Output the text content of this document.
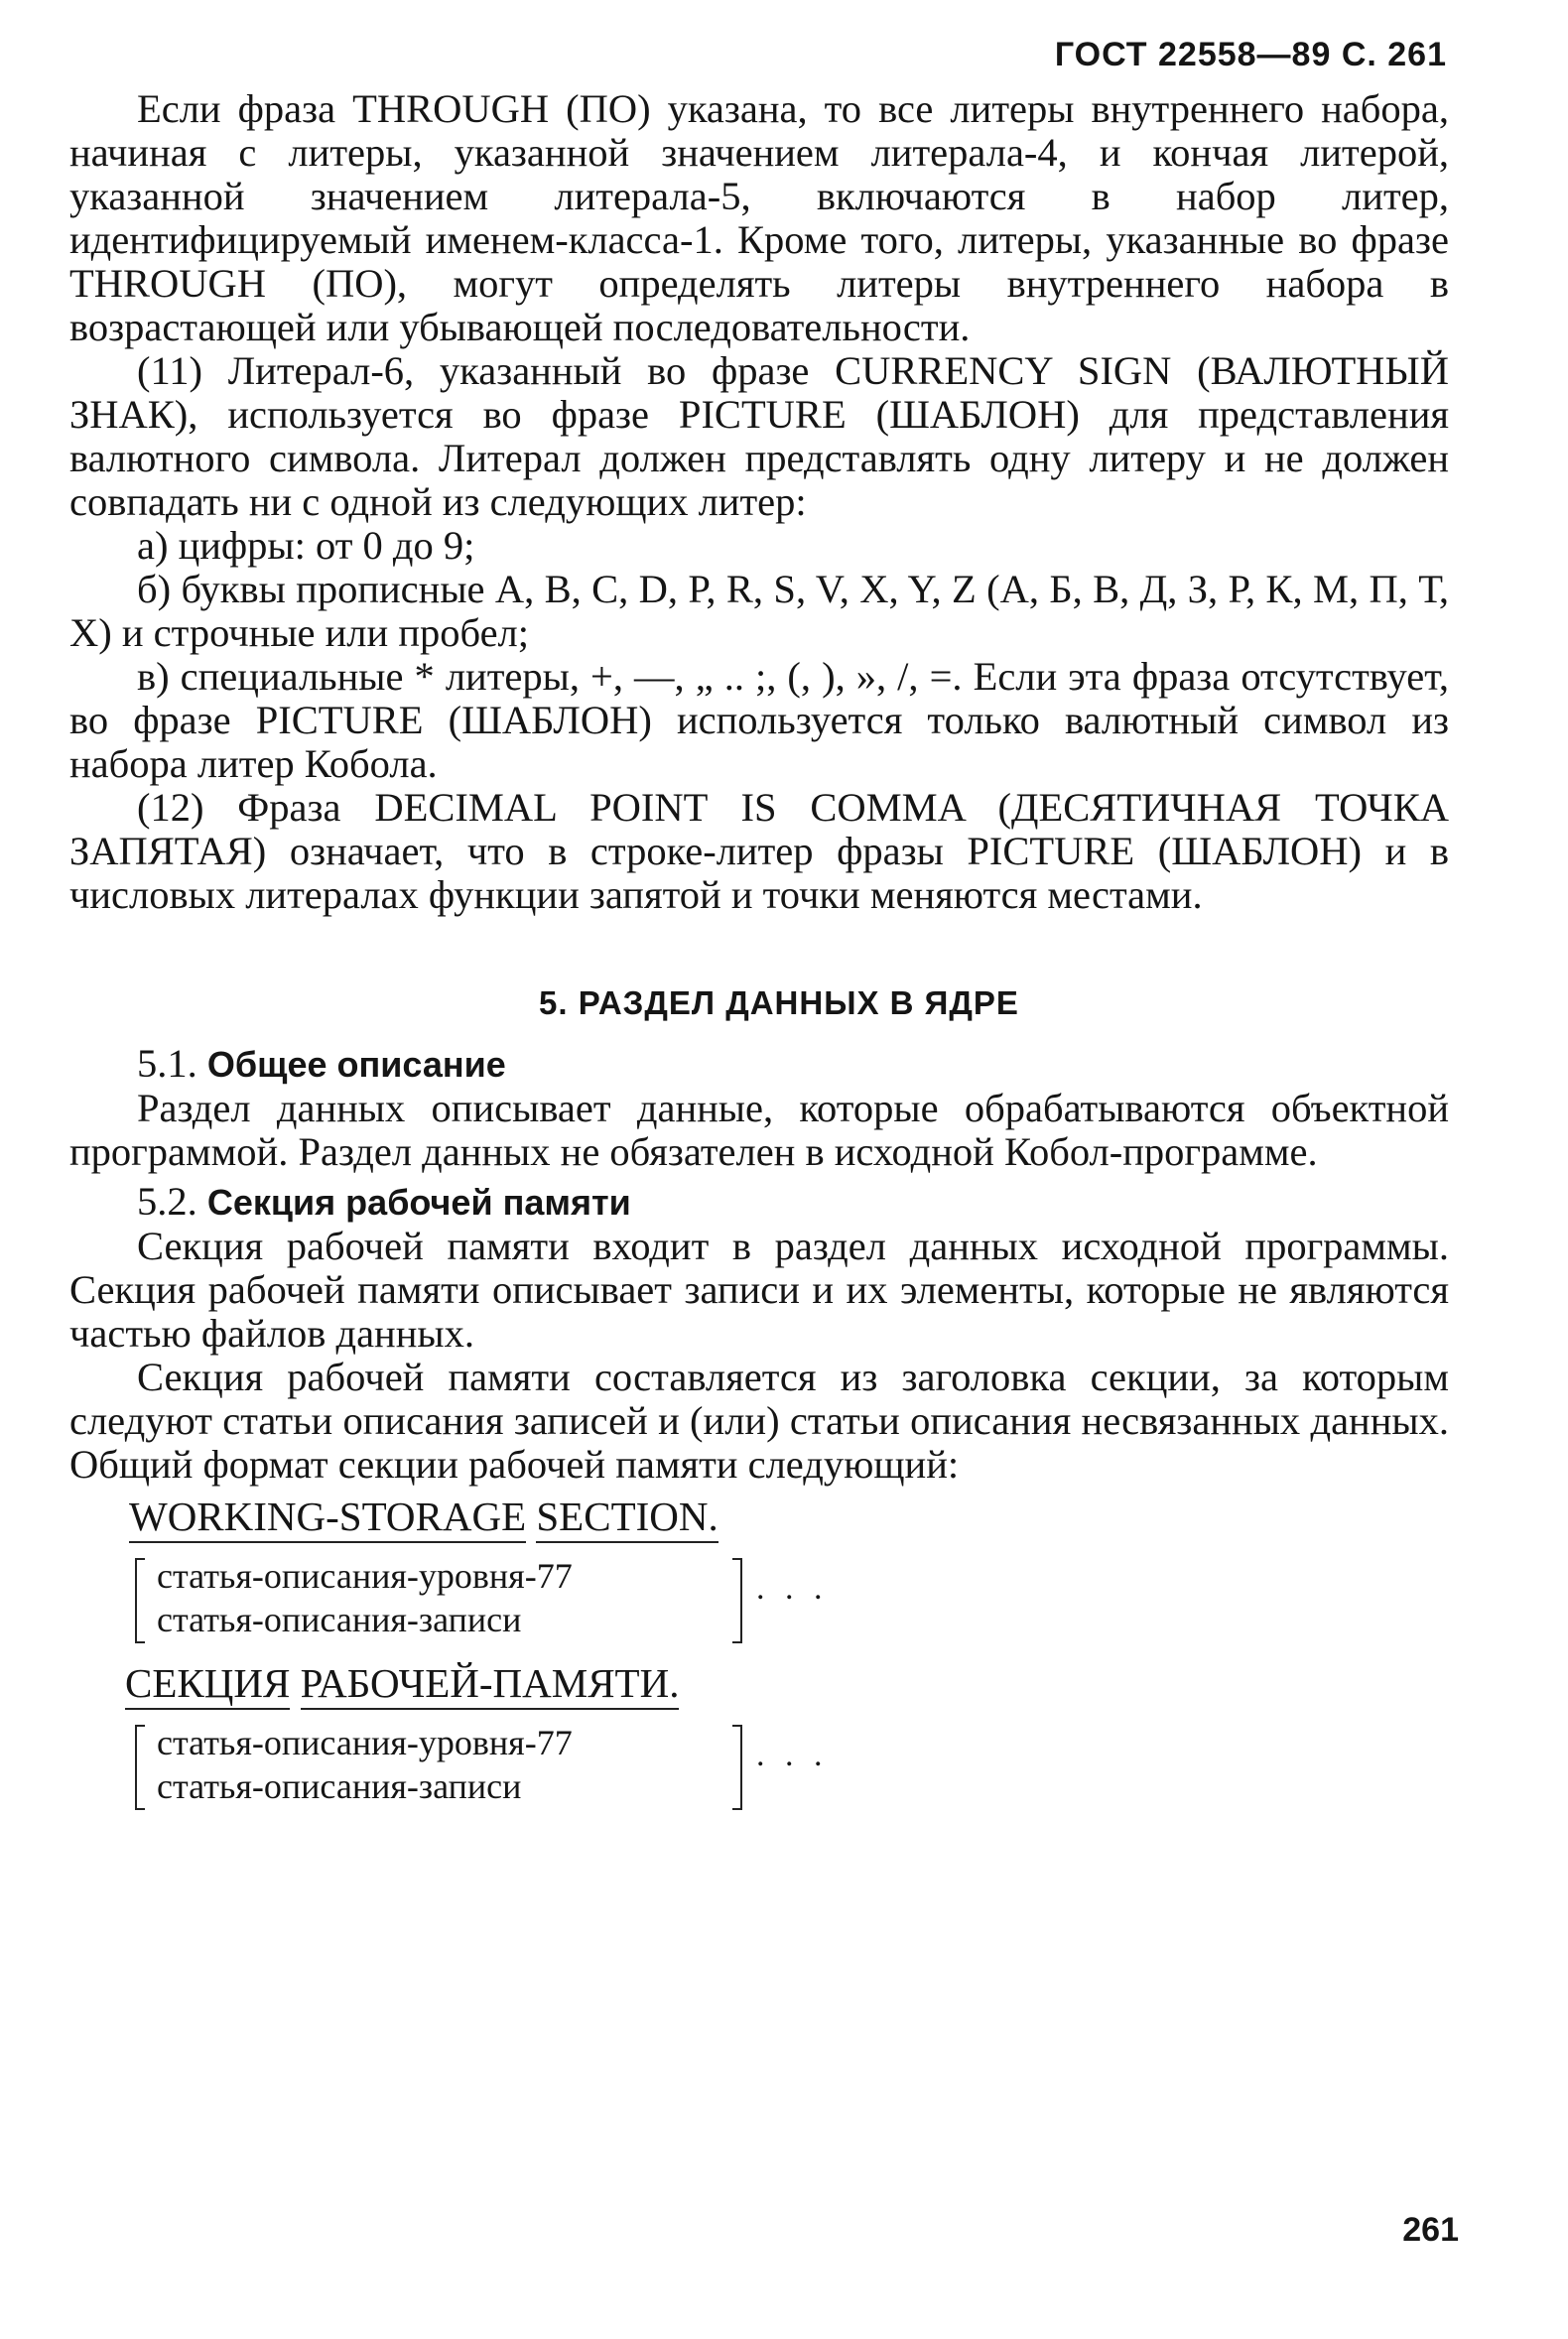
ГОСТ 22558—89 С. 261

Если фраза THROUGH (ПО) указана, то все литеры внутреннего набора, начиная с литеры, указанной значением литерала-4, и кончая литерой, указанной значением литерала-5, включаются в набор литер, идентифицируемый именем-класса-1. Кроме того, литеры, указанные во фразе THROUGH (ПО), могут определять литеры внутреннего набора в возрастающей или убывающей последовательности.

(11) Литерал-6, указанный во фразе CURRENCY SIGN (ВАЛЮТНЫЙ ЗНАК), используется во фразе PICTURE (ШАБЛОН) для представления валютного символа. Литерал должен представлять одну литеру и не должен совпадать ни с одной из следующих литер:

а) цифры: от 0 до 9;

б) буквы прописные A, B, C, D, P, R, S, V, X, Y, Z (А, Б, В, Д, З, Р, К, М, П, Т, Х) и строчные или пробел;

в) специальные * литеры, +, —, „ .. ;, (, ), », /, =. Если эта фраза отсутствует, во фразе PICTURE (ШАБЛОН) используется только валютный символ из набора литер Кобола.

(12) Фраза DECIMAL POINT IS COMMA (ДЕСЯТИЧНАЯ ТОЧКА ЗАПЯТАЯ) означает, что в строке-литер фразы PICTURE (ШАБЛОН) и в числовых литералах функции запятой и точки меняются местами.

5. РАЗДЕЛ ДАННЫХ В ЯДРЕ

5.1. Общее описание

Раздел данных описывает данные, которые обрабатываются объектной программой. Раздел данных не обязателен в исходной Кобол-программе.

5.2. Секция рабочей памяти

Секция рабочей памяти входит в раздел данных исходной программы. Секция рабочей памяти описывает записи и их элементы, которые не являются частью файлов данных.

Секция рабочей памяти составляется из заголовка секции, за которым следуют статьи описания записей и (или) статьи описания несвязанных данных. Общий формат секции рабочей памяти следующий:

WORKING-STORAGE SECTION.
статья-описания-уровня-77
статья-описания-записи
. . .
СЕКЦИЯ РАБОЧЕЙ-ПАМЯТИ.
статья-описания-уровня-77
статья-описания-записи
. . .
261
